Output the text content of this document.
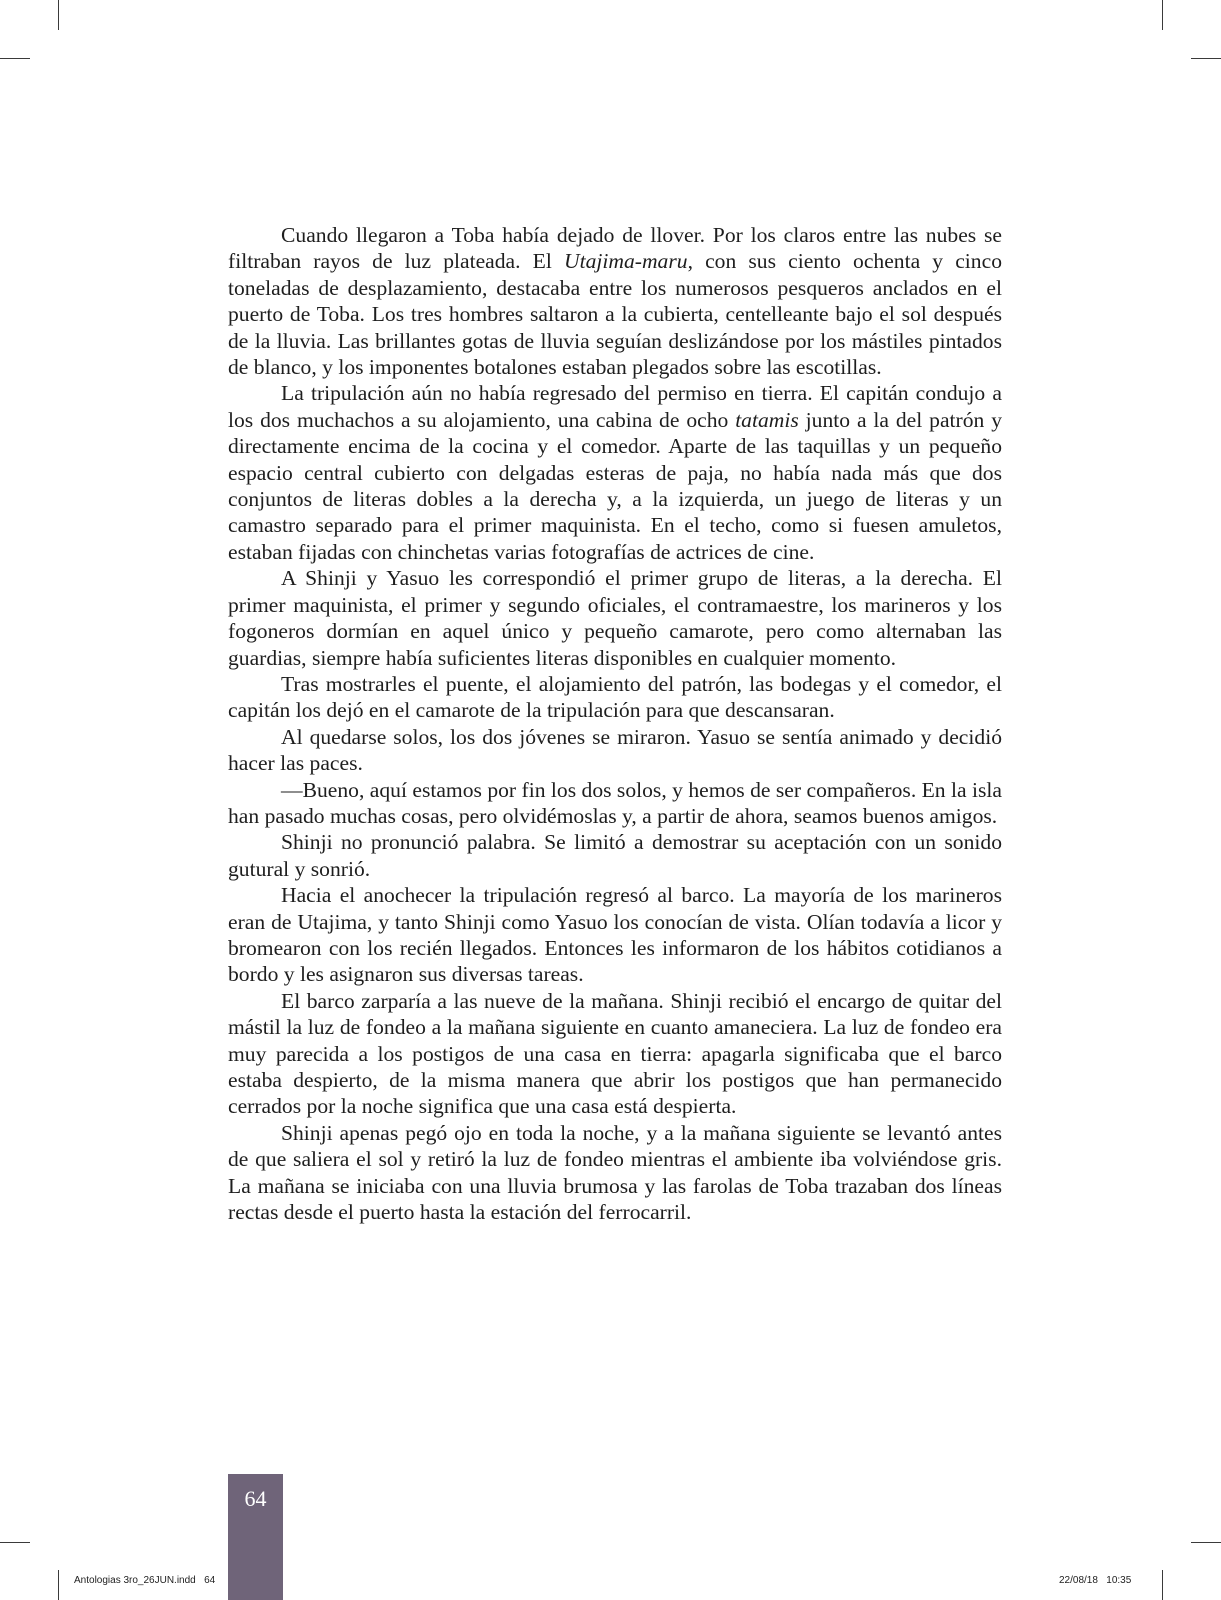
Cuando llegaron a Toba había dejado de llover. Por los claros entre las nubes se filtraban rayos de luz plateada. El Utajima-maru, con sus ciento ochenta y cinco toneladas de desplazamiento, destacaba entre los numerosos pesqueros anclados en el puerto de Toba. Los tres hombres saltaron a la cubierta, centelleante bajo el sol después de la lluvia. Las brillantes gotas de lluvia seguían deslizándose por los mástiles pintados de blanco, y los imponentes botalones estaban plegados sobre las escotillas.

La tripulación aún no había regresado del permiso en tierra. El capitán condujo a los dos muchachos a su alojamiento, una cabina de ocho tatamis junto a la del patrón y directamente encima de la cocina y el comedor. Aparte de las taquillas y un pequeño espacio central cubierto con delgadas esteras de paja, no había nada más que dos conjuntos de literas dobles a la derecha y, a la izquierda, un juego de literas y un camastro separado para el primer maquinista. En el techo, como si fuesen amuletos, estaban fijadas con chinchetas varias fotografías de actrices de cine.

A Shinji y Yasuo les correspondió el primer grupo de literas, a la derecha. El primer maquinista, el primer y segundo oficiales, el contramaestre, los marineros y los fogoneros dormían en aquel único y pequeño camarote, pero como alternaban las guardias, siempre había suficientes literas disponibles en cualquier momento.

Tras mostrarles el puente, el alojamiento del patrón, las bodegas y el comedor, el capitán los dejó en el camarote de la tripulación para que descansaran.

Al quedarse solos, los dos jóvenes se miraron. Yasuo se sentía animado y decidió hacer las paces.

—Bueno, aquí estamos por fin los dos solos, y hemos de ser compañeros. En la isla han pasado muchas cosas, pero olvidémoslas y, a partir de ahora, seamos buenos amigos.

Shinji no pronunció palabra. Se limitó a demostrar su aceptación con un sonido gutural y sonrió.

Hacia el anochecer la tripulación regresó al barco. La mayoría de los marineros eran de Utajima, y tanto Shinji como Yasuo los conocían de vista. Olían todavía a licor y bromearon con los recién llegados. Entonces les informaron de los hábitos cotidianos a bordo y les asignaron sus diversas tareas.

El barco zarparía a las nueve de la mañana. Shinji recibió el encargo de quitar del mástil la luz de fondeo a la mañana siguiente en cuanto amaneciera. La luz de fondeo era muy parecida a los postigos de una casa en tierra: apagarla significaba que el barco estaba despierto, de la misma manera que abrir los postigos que han permanecido cerrados por la noche significa que una casa está despierta.

Shinji apenas pegó ojo en toda la noche, y a la mañana siguiente se levantó antes de que saliera el sol y retiró la luz de fondeo mientras el ambiente iba volviéndose gris. La mañana se iniciaba con una lluvia brumosa y las farolas de Toba trazaban dos líneas rectas desde el puerto hasta la estación del ferrocarril.

64
Antologias 3ro_26JUN.indd   64	22/08/18   10:35
